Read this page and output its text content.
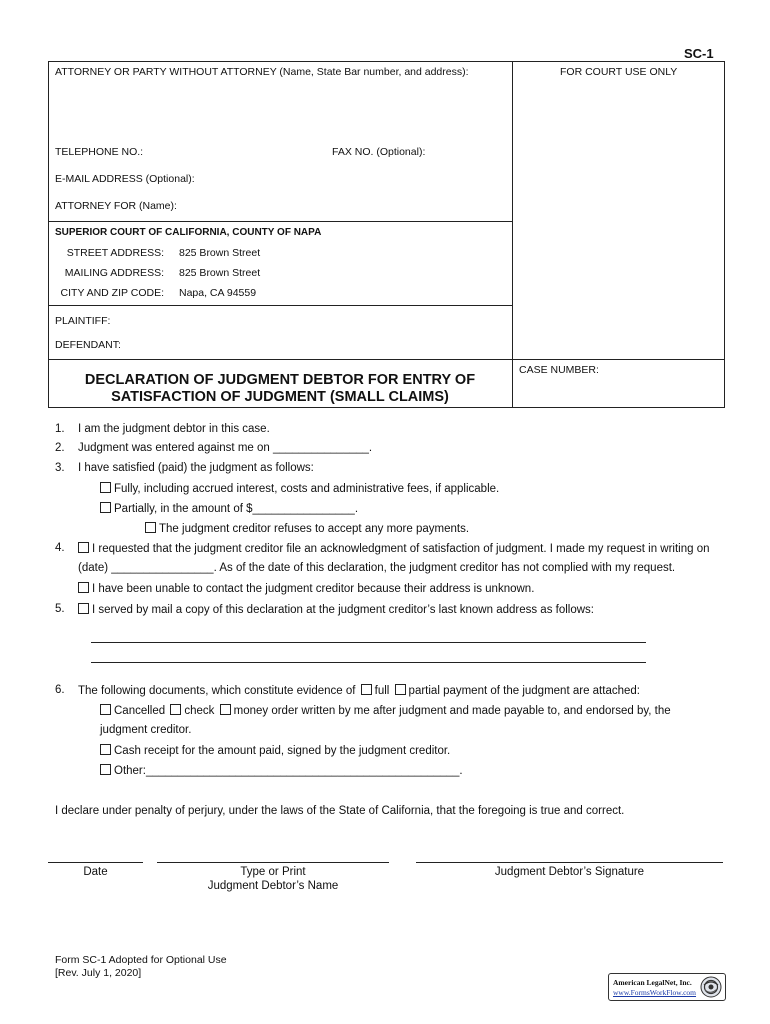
SC-1
ATTORNEY OR PARTY WITHOUT ATTORNEY (Name, State Bar number, and address):	FOR COURT USE ONLY
TELEPHONE NO.:	FAX NO. (Optional):
E-MAIL ADDRESS (Optional):
ATTORNEY FOR (Name):
SUPERIOR COURT OF CALIFORNIA, COUNTY OF NAPA
STREET ADDRESS: 825 Brown Street
MAILING ADDRESS: 825 Brown Street
CITY AND ZIP CODE: Napa, CA 94559
PLAINTIFF:
DEFENDANT:
DECLARATION OF JUDGMENT DEBTOR FOR ENTRY OF
SATISFACTION OF JUDGMENT (SMALL CLAIMS)
CASE NUMBER:
1. I am the judgment debtor in this case.
2. Judgment was entered against me on _______________.
3. I have satisfied (paid) the judgment as follows:
Fully, including accrued interest, costs and administrative fees, if applicable.
Partially, in the amount of $________________.
The judgment creditor refuses to accept any more payments.
4.	I requested that the judgment creditor file an acknowledgment of satisfaction of judgment. I made my request in writing on
(date) ________________. As of the date of this declaration, the judgment creditor has not complied with my request.
I have been unable to contact the judgment creditor because their address is unknown.
5.	I served by mail a copy of this declaration at the judgment creditor’s last known address as follows:
6. The following documents, which constitute evidence of full partial payment of the judgment are attached:
Cancelled check money order written by me after judgment and made payable to, and endorsed by, the
judgment creditor.
Cash receipt for the amount paid, signed by the judgment creditor.
Other:_________________________________________________.
I declare under penalty of perjury, under the laws of the State of California, that the foregoing is true and correct.
Date	Type or Print
Judgment Debtor’s Name
Judgment Debtor’s Signature
Form SC-1 Adopted for Optional Use
[Rev. July 1, 2020]
American LegalNet, Inc.
www.FormsWorkFlow.com
